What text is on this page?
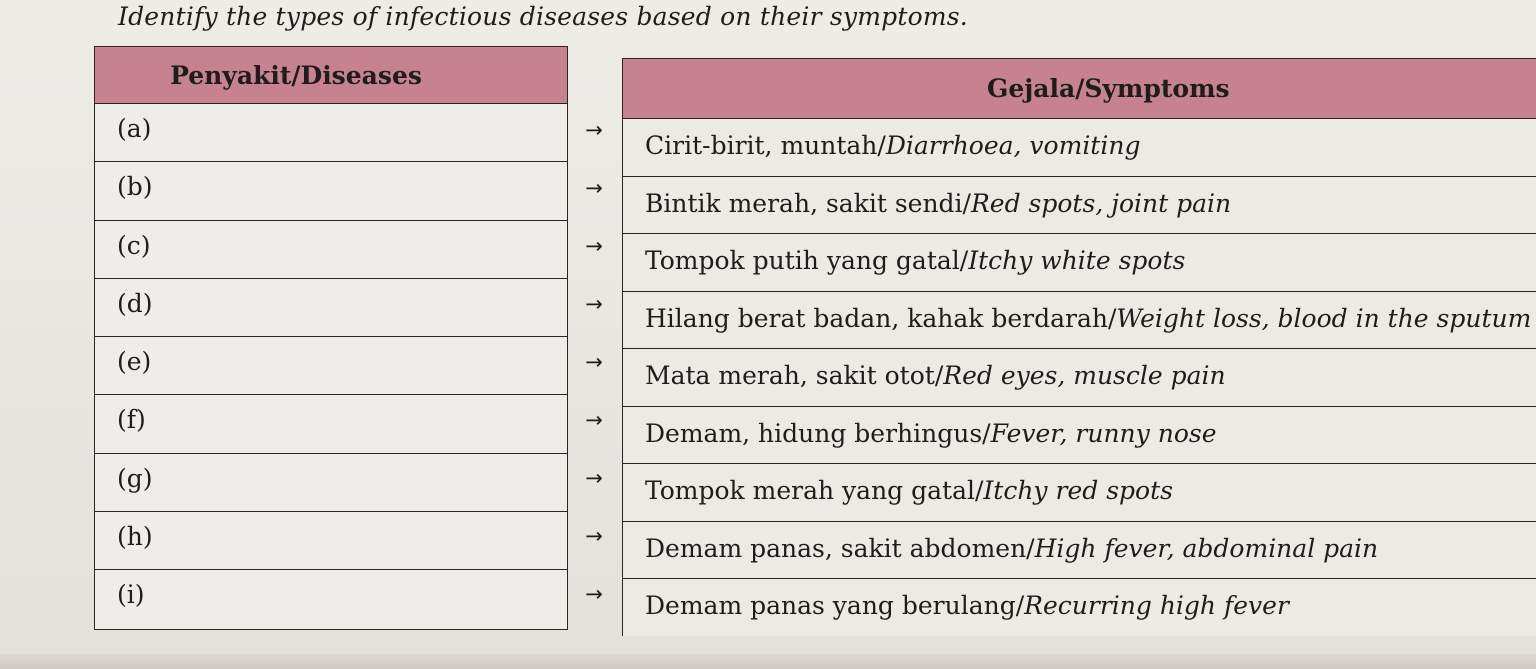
Identify the types of infectious diseases based on their symptoms.
Penyakit/Diseases
(a)
(b)
(c)
(d)
(e)
(f)
(g)
(h)
(i)
→
→
→
→
→
→
→
→
→
Gejala/Symptoms
Cirit-birit, muntah/Diarrhoea, vomiting
Bintik merah, sakit sendi/Red spots, joint pain
Tompok putih yang gatal/Itchy white spots
Hilang berat badan, kahak berdarah/Weight loss, blood in the sputum
Mata merah, sakit otot/Red eyes, muscle pain
Demam, hidung berhingus/Fever, runny nose
Tompok merah yang gatal/Itchy red spots
Demam panas, sakit abdomen/High fever, abdominal pain
Demam panas yang berulang/Recurring high fever
